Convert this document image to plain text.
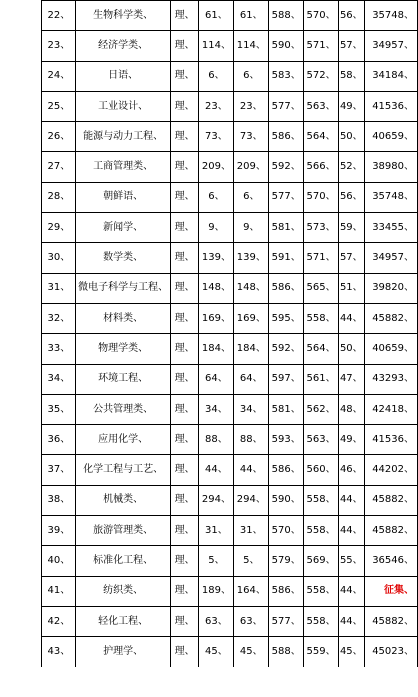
	22、	生物科学类、	理、	61、	61、	588、	570、	56、	35748、
	23、	经济学类、	理、	114、	114、	590、	571、	57、	34957、
	24、	日语、	理、	6、	6、	583、	572、	58、	34184、
	25、	工业设计、	理、	23、	23、	577、	563、	49、	41536、
	26、	能源与动力工程、	理、	73、	73、	586、	564、	50、	40659、
	27、	工商管理类、	理、	209、	209、	592、	566、	52、	38980、
	28、	朝鲜语、	理、	6、	6、	577、	570、	56、	35748、
	29、	新闻学、	理、	9、	9、	581、	573、	59、	33455、
	30、	数学类、	理、	139、	139、	591、	571、	57、	34957、
	31、	微电子科学与工程、	理、	148、	148、	586、	565、	51、	39820、
	32、	材料类、	理、	169、	169、	595、	558、	44、	45882、
	33、	物理学类、	理、	184、	184、	592、	564、	50、	40659、
	34、	环境工程、	理、	64、	64、	597、	561、	47、	43293、
	35、	公共管理类、	理、	34、	34、	581、	562、	48、	42418、
	36、	应用化学、	理、	88、	88、	593、	563、	49、	41536、
	37、	化学工程与工艺、	理、	44、	44、	586、	560、	46、	44202、
	38、	机械类、	理、	294、	294、	590、	558、	44、	45882、
	39、	旅游管理类、	理、	31、	31、	570、	558、	44、	45882、
	40、	标准化工程、	理、	5、	5、	579、	569、	55、	36546、
	41、	纺织类、	理、	189、	164、	586、	558、	44、	征集、
	42、	轻化工程、	理、	63、	63、	577、	558、	44、	45882、
	43、	护理学、	理、	45、	45、	588、	559、	45、	45023、
